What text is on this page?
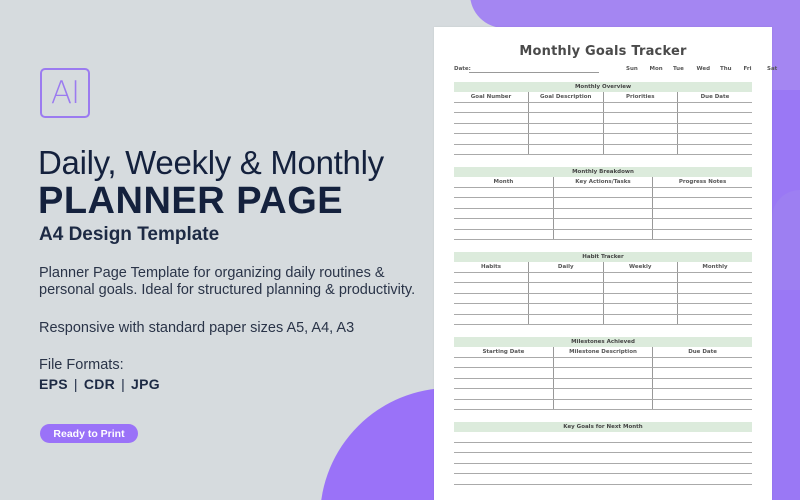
AI
Daily, Weekly & Monthly
PLANNER PAGE
A4 Design Template
Planner Page Template for organizing daily routines &
personal goals. Ideal for structured planning & productivity.
Responsive with standard paper sizes A5, A4, A3
File Formats:
EPS | CDR | JPG
Ready to Print
Monthly Goals Tracker
Date:	Sun	Mon	Tue	Wed	Thu	Fri	Sat
Monthly Overview
Goal Number	Goal Description	Priorities	Due Date

Monthly Breakdown
Month	Key Actions/Tasks	Progress Notes

Habit Tracker
Habits	Daily	Weekly	Monthly

Milestones Achieved
Starting Date	Milestone Description	Due Date

Key Goals for Next Month
